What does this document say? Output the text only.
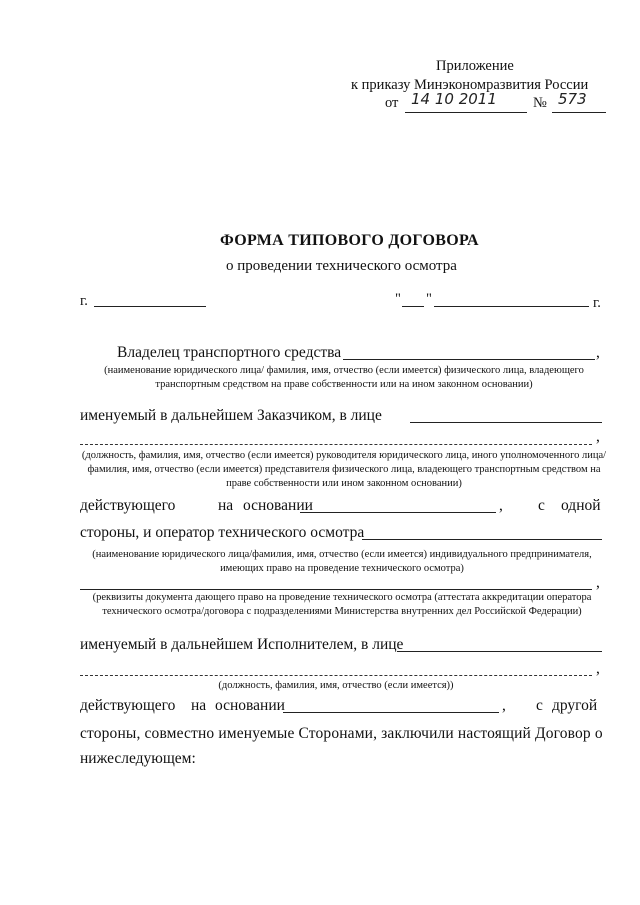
Приложение
к приказу Минэкономразвития России
от 14 10 2011 № 573
ФОРМА ТИПОВОГО ДОГОВОРА
о проведении технического осмотра
г.	" "	г.
Владелец транспортного средства	,
(наименование юридического лица/ фамилия, имя, отчество (если имеется) физического лица, владеющего транспортным средством на праве собственности или на ином законном основании)
именуемый в дальнейшем Заказчиком, в лице
,
(должность, фамилия, имя, отчество (если имеется) руководителя юридического лица, иного уполномоченного лица/фамилия, имя, отчество (если имеется) представителя физического лица, владеющего транспортным средством на праве собственности или ином законном основании)
действующего	на основании	, с одной
стороны, и оператор технического осмотра
(наименование юридического лица/фамилия, имя, отчество (если имеется) индивидуального предпринимателя, имеющих право на проведение технического осмотра)
,
(реквизиты документа дающего право на проведение технического осмотра (аттестата аккредитации оператора технического осмотра/договора с подразделениями Министерства внутренних дел Российской Федерации)
именуемый в дальнейшем Исполнителем, в лице
,
(должность, фамилия, имя, отчество (если имеется))
действующего на основании	, с другой
стороны, совместно именуемые Сторонами, заключили настоящий Договор о
нижеследующем:
